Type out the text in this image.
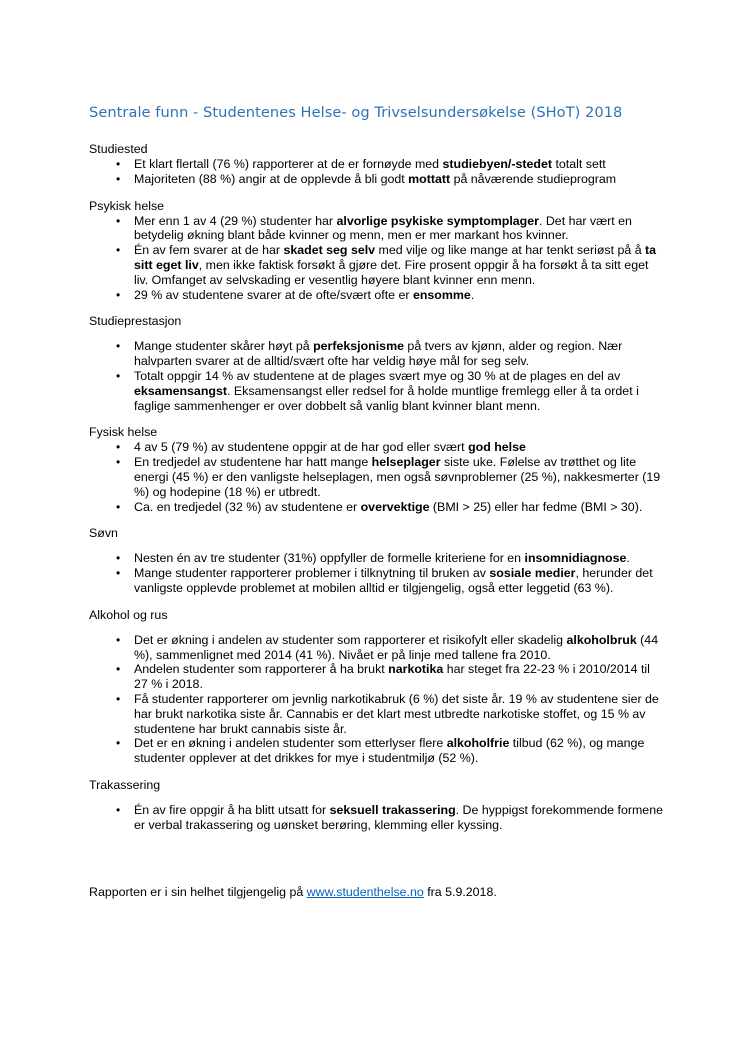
Sentrale funn - Studentenes Helse- og Trivselsundersøkelse (SHoT) 2018
Studiested
• Et klart flertall (76 %) rapporterer at de er fornøyde med studiebyen/-stedet totalt sett
• Majoriteten (88 %) angir at de opplevde å bli godt mottatt på nåværende studieprogram
Psykisk helse
• Mer enn 1 av 4 (29 %) studenter har alvorlige psykiske symptomplager. Det har vært en betydelig økning blant både kvinner og menn, men er mer markant hos kvinner.
• Én av fem svarer at de har skadet seg selv med vilje og like mange at har tenkt seriøst på å ta sitt eget liv, men ikke faktisk forsøkt å gjøre det. Fire prosent oppgir å ha forsøkt å ta sitt eget liv. Omfanget av selvskading er vesentlig høyere blant kvinner enn menn.
• 29 % av studentene svarer at de ofte/svært ofte er ensomme.
Studieprestasjon
• Mange studenter skårer høyt på perfeksjonisme på tvers av kjønn, alder og region. Nær halvparten svarer at de alltid/svært ofte har veldig høye mål for seg selv.
• Totalt oppgir 14 % av studentene at de plages svært mye og 30 % at de plages en del av eksamensangst. Eksamensangst eller redsel for å holde muntlige fremlegg eller å ta ordet i faglige sammenhenger er over dobbelt så vanlig blant kvinner blant menn.
Fysisk helse
• 4 av 5 (79 %) av studentene oppgir at de har god eller svært god helse
• En tredjedel av studentene har hatt mange helseplager siste uke. Følelse av trøtthet og lite energi (45 %) er den vanligste helseplagen, men også søvnproblemer (25 %), nakkesmerter (19 %) og hodepine (18 %) er utbredt.
• Ca. en tredjedel (32 %) av studentene er overvektige (BMI > 25) eller har fedme (BMI > 30).
Søvn
• Nesten én av tre studenter (31%) oppfyller de formelle kriteriene for en insomnidiagnose.
• Mange studenter rapporterer problemer i tilknytning til bruken av sosiale medier, herunder det vanligste opplevde problemet at mobilen alltid er tilgjengelig, også etter leggetid (63 %).
Alkohol og rus
• Det er økning i andelen av studenter som rapporterer et risikofylt eller skadelig alkoholbruk (44 %), sammenlignet med 2014 (41 %). Nivået er på linje med tallene fra 2010.
• Andelen studenter som rapporterer å ha brukt narkotika har steget fra 22-23 % i 2010/2014 til 27 % i 2018.
• Få studenter rapporterer om jevnlig narkotikabruk (6 %) det siste år. 19 % av studentene sier de har brukt narkotika siste år. Cannabis er det klart mest utbredte narkotiske stoffet, og 15 % av studentene har brukt cannabis siste år.
• Det er en økning i andelen studenter som etterlyser flere alkoholfrie tilbud (62 %), og mange studenter opplever at det drikkes for mye i studentmiljø (52 %).
Trakassering
• Én av fire oppgir å ha blitt utsatt for seksuell trakassering. De hyppigst forekommende formene er verbal trakassering og uønsket berøring, klemming eller kyssing.
Rapporten er i sin helhet tilgjengelig på www.studenthelse.no fra 5.9.2018.
